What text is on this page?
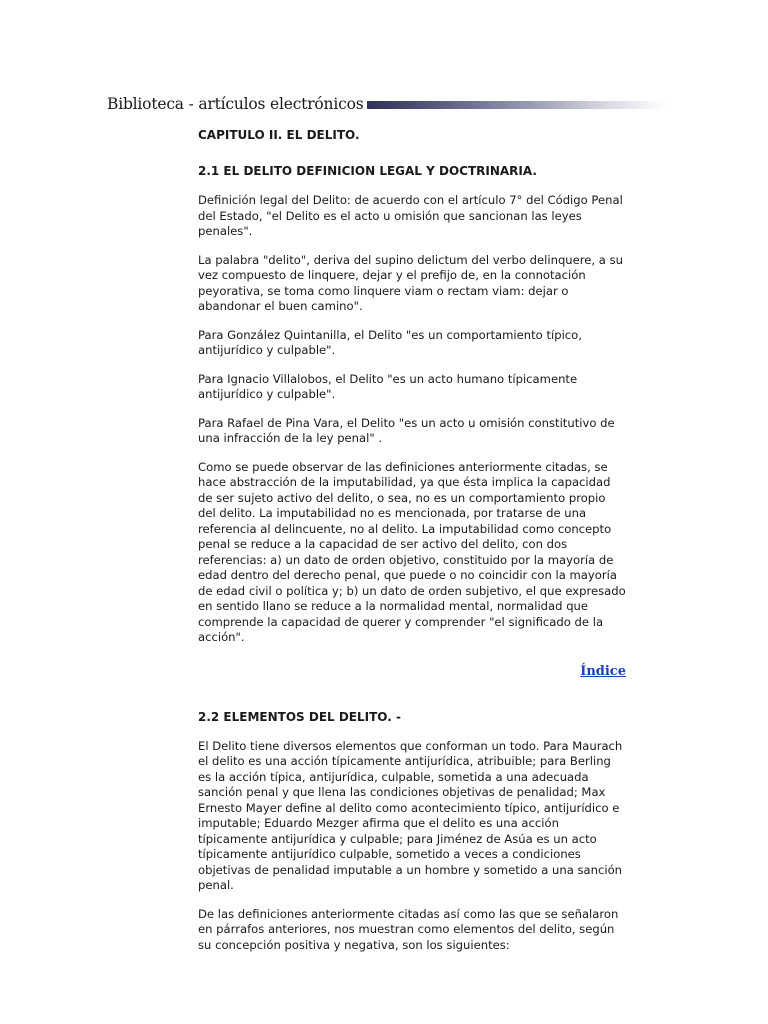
Biblioteca - artículos electrónicos

CAPITULO II. EL DELITO.

2.1 EL DELITO DEFINICION LEGAL Y DOCTRINARIA.

Definición legal del Delito: de acuerdo con el artículo 7° del Código Penal del Estado, "el Delito es el acto u omisión que sancionan las leyes penales".

La palabra "delito", deriva del supino delictum del verbo delinquere, a su vez compuesto de linquere, dejar y el prefijo de, en la connotación peyorativa, se toma como linquere viam o rectam viam: dejar o abandonar el buen camino".

Para González Quintanilla, el Delito "es un comportamiento típico, antijurídico y culpable".

Para Ignacio Villalobos, el Delito "es un acto humano típicamente antijurídico y culpable".

Para Rafael de Pina Vara, el Delito "es un acto u omisión constitutivo de una infracción de la ley penal" .

Como se puede observar de las definiciones anteriormente citadas, se hace abstracción de la imputabilidad, ya que ésta implica la capacidad de ser sujeto activo del delito, o sea, no es un comportamiento propio del delito. La imputabilidad no es mencionada, por tratarse de una referencia al delincuente, no al delito. La imputabilidad como concepto penal se reduce a la capacidad de ser activo del delito, con dos referencias: a) un dato de orden objetivo, constituido por la mayoría de edad dentro del derecho penal, que puede o no coincidir con la mayoría de edad civil o política y; b) un dato de orden subjetivo, el que expresado en sentido llano se reduce a la normalidad mental, normalidad que comprende la capacidad de querer y comprender "el significado de la acción".

Índice

2.2 ELEMENTOS DEL DELITO. -

El Delito tiene diversos elementos que conforman un todo. Para Maurach el delito es una acción típicamente antijurídica, atribuible; para Berling es la acción típica, antijurídica, culpable, sometida a una adecuada sanción penal y que llena las condiciones objetivas de penalidad; Max Ernesto Mayer define al delito como acontecimiento típico, antijurídico e imputable; Eduardo Mezger afirma que el delito es una acción típicamente antijurídica y culpable; para Jiménez de Asúa es un acto típicamente antijurídico culpable, sometido a veces a condiciones objetivas de penalidad imputable a un hombre y sometido a una sanción penal.

De las definiciones anteriormente citadas así como las que se señalaron en párrafos anteriores, nos muestran como elementos del delito, según su concepción positiva y negativa, son los siguientes:
